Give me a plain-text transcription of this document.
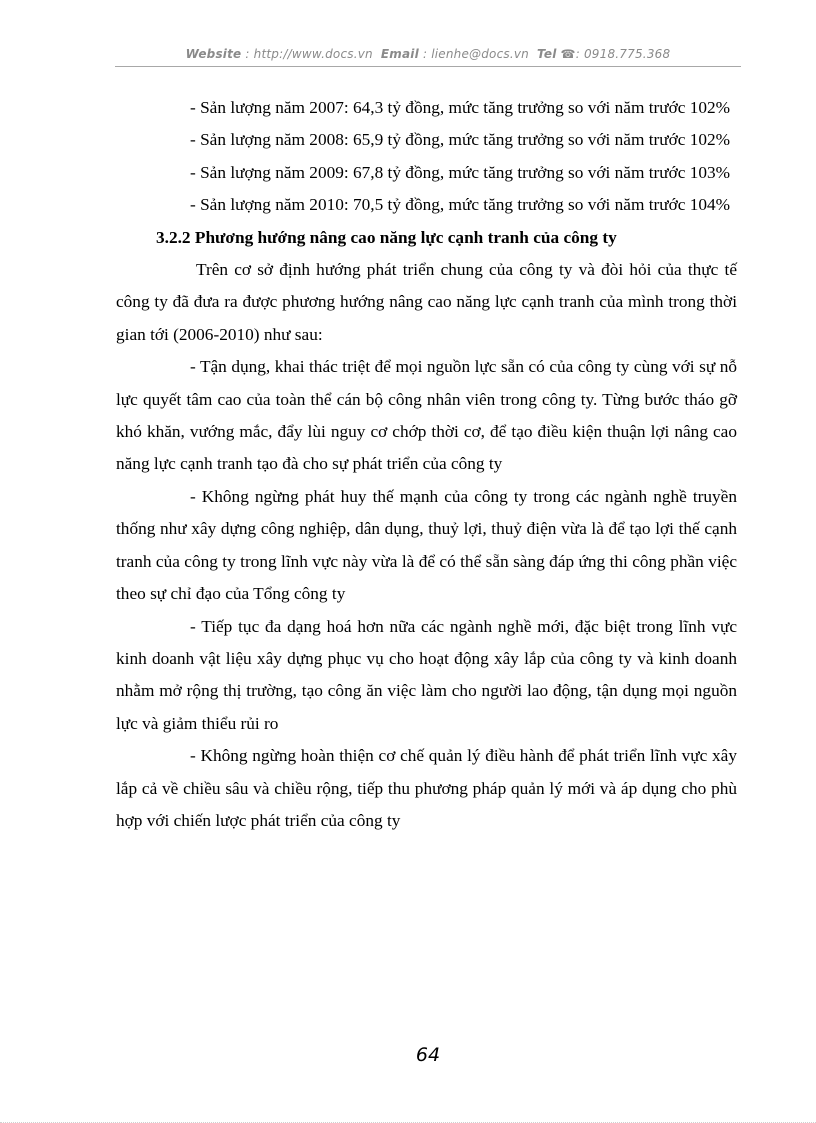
Website : http://www.docs.vn Email : lienhe@docs.vn Tel ☎: 0918.775.368

- Sản lượng năm 2007: 64,3 tỷ đồng, mức tăng trưởng so với năm trước 102%

- Sản lượng năm 2008: 65,9 tỷ đồng, mức tăng trưởng so với năm trước 102%

- Sản lượng năm 2009: 67,8 tỷ đồng, mức tăng trưởng so với năm trước 103%

- Sản lượng năm 2010: 70,5 tỷ đồng, mức tăng trưởng so với năm trước 104%

3.2.2 Phương hướng nâng cao năng lực cạnh tranh của công ty

Trên cơ sở định hướng phát triển chung của công ty và đòi hỏi của thực tế công ty đã đưa ra được phương hướng nâng cao năng lực cạnh tranh của mình trong thời gian tới (2006-2010) như sau:

- Tận dụng, khai thác triệt để mọi nguồn lực sẵn có của công ty cùng với sự nỗ lực quyết tâm cao của toàn thể cán bộ công nhân viên trong công ty. Từng bước tháo gỡ khó khăn, vướng mắc, đẩy lùi nguy cơ chớp thời cơ, để tạo điều kiện thuận lợi nâng cao năng lực cạnh tranh tạo đà cho sự phát triển của công ty

- Không ngừng phát huy thế mạnh của công ty trong các ngành nghề truyền thống như xây dựng công nghiệp, dân dụng, thuỷ lợi, thuỷ điện vừa là để tạo lợi thế cạnh tranh của công ty trong lĩnh vực này vừa là để có thể sẵn sàng đáp ứng thi công phần việc theo sự chỉ đạo của Tổng công ty

- Tiếp tục đa dạng hoá hơn nữa các ngành nghề mới, đặc biệt trong lĩnh vực kinh doanh vật liệu xây dựng phục vụ cho hoạt động xây lắp của công ty và kinh doanh nhằm mở rộng thị trường, tạo công ăn việc làm cho người lao động, tận dụng mọi nguồn lực và giảm thiểu rủi ro

- Không ngừng hoàn thiện cơ chế quản lý điều hành để phát triển lĩnh vực xây lắp cả về chiều sâu và chiều rộng, tiếp thu phương pháp quản lý mới và áp dụng cho phù hợp với chiến lược phát triển của công ty

64
